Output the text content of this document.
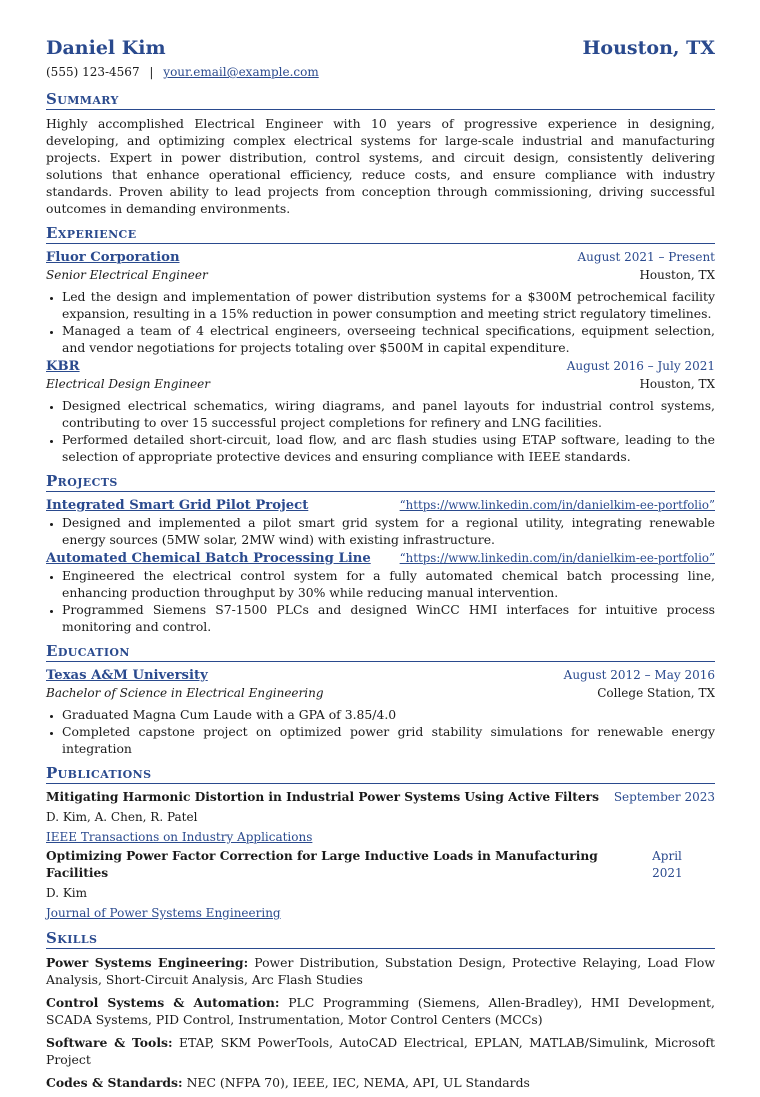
Daniel Kim	Houston, TX
(555) 123-4567 | your.email@example.com
Summary
Highly accomplished Electrical Engineer with 10 years of progressive experience in designing, developing, and optimizing complex electrical systems for large-scale industrial and manufacturing projects. Expert in power distribution, control systems, and circuit design, consistently delivering solutions that enhance operational efficiency, reduce costs, and ensure compliance with industry standards. Proven ability to lead projects from conception through commissioning, driving successful outcomes in demanding environments.
Experience
Fluor Corporation	August 2021 – Present
Senior Electrical Engineer	Houston, TX
• Led the design and implementation of power distribution systems for a $300M petrochemical facility expansion, resulting in a 15% reduction in power consumption and meeting strict regulatory timelines.
• Managed a team of 4 electrical engineers, overseeing technical specifications, equipment selection, and vendor negotiations for projects totaling over $500M in capital expenditure.
KBR	August 2016 – July 2021
Electrical Design Engineer	Houston, TX
• Designed electrical schematics, wiring diagrams, and panel layouts for industrial control systems, contributing to over 15 successful project completions for refinery and LNG facilities.
• Performed detailed short-circuit, load flow, and arc flash studies using ETAP software, leading to the selection of appropriate protective devices and ensuring compliance with IEEE standards.
Projects
Integrated Smart Grid Pilot Project	“https://www.linkedin.com/in/danielkim-ee-portfolio”
• Designed and implemented a pilot smart grid system for a regional utility, integrating renewable energy sources (5MW solar, 2MW wind) with existing infrastructure.
Automated Chemical Batch Processing Line “https://www.linkedin.com/in/danielkim-ee-portfolio”
• Engineered the electrical control system for a fully automated chemical batch processing line, enhancing production throughput by 30% while reducing manual intervention.
• Programmed Siemens S7-1500 PLCs and designed WinCC HMI interfaces for intuitive process monitoring and control.
Education
Texas A&M University	August 2012 – May 2016
Bachelor of Science in Electrical Engineering	College Station, TX
• Graduated Magna Cum Laude with a GPA of 3.85/4.0
• Completed capstone project on optimized power grid stability simulations for renewable energy integration
Publications
Mitigating Harmonic Distortion in Industrial Power Systems Using Active Filters September 2023
D. Kim, A. Chen, R. Patel
IEEE Transactions on Industry Applications
Optimizing Power Factor Correction for Large Inductive Loads in Manufacturing Facilities
April 2021
D. Kim
Journal of Power Systems Engineering
Skills
Power Systems Engineering: Power Distribution, Substation Design, Protective Relaying, Load Flow Analysis, Short-Circuit Analysis, Arc Flash Studies
Control Systems & Automation: PLC Programming (Siemens, Allen-Bradley), HMI Development, SCADA Systems, PID Control, Instrumentation, Motor Control Centers (MCCs)
Software & Tools: ETAP, SKM PowerTools, AutoCAD Electrical, EPLAN, MATLAB/Simulink, Microsoft Project
Codes & Standards: NEC (NFPA 70), IEEE, IEC, NEMA, API, UL Standards
